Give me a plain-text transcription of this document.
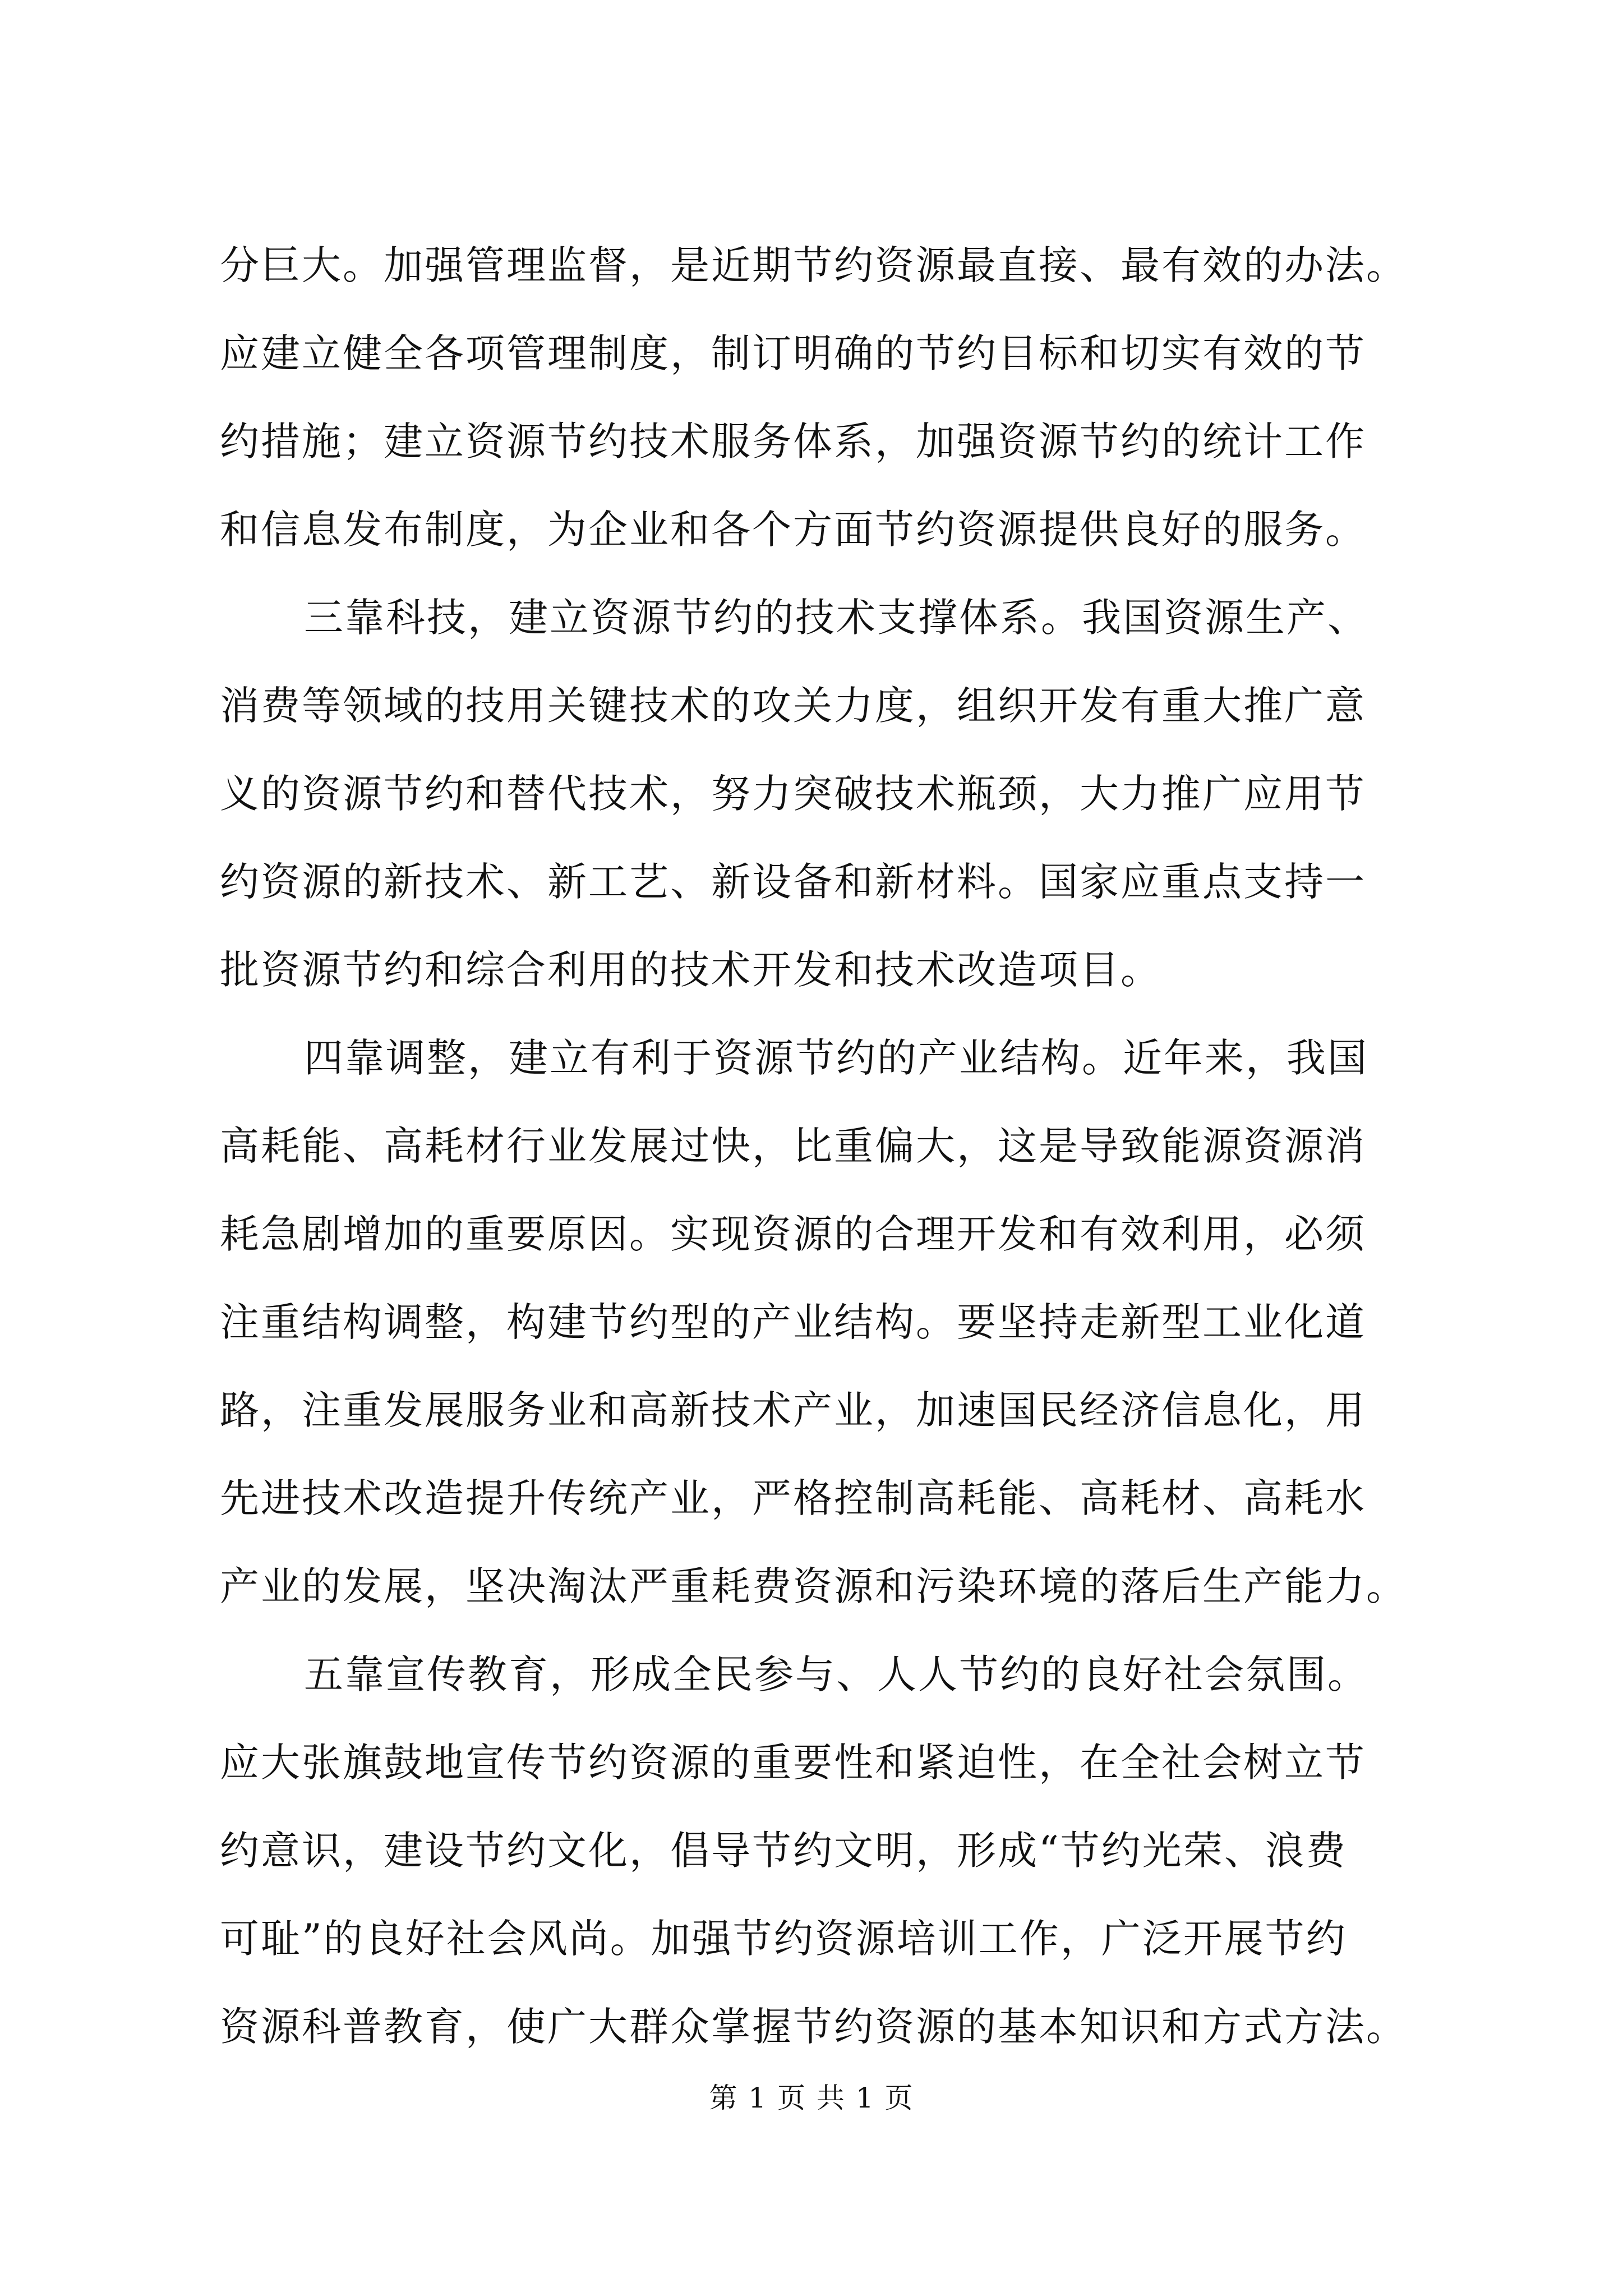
分巨大。加强管理监督，是近期节约资源最直接、最有效的办法。
应建立健全各项管理制度，制订明确的节约目标和切实有效的节
约措施；建立资源节约技术服务体系，加强资源节约的统计工作
和信息发布制度，为企业和各个方面节约资源提供良好的服务。
三靠科技，建立资源节约的技术支撑体系。我国资源生产、
消费等领域的技用关键技术的攻关力度，组织开发有重大推广意
义的资源节约和替代技术，努力突破技术瓶颈，大力推广应用节
约资源的新技术、新工艺、新设备和新材料。国家应重点支持一
批资源节约和综合利用的技术开发和技术改造项目。
四靠调整，建立有利于资源节约的产业结构。近年来，我国
高耗能、高耗材行业发展过快，比重偏大，这是导致能源资源消
耗急剧增加的重要原因。实现资源的合理开发和有效利用，必须
注重结构调整，构建节约型的产业结构。要坚持走新型工业化道
路，注重发展服务业和高新技术产业，加速国民经济信息化，用
先进技术改造提升传统产业，严格控制高耗能、高耗材、高耗水
产业的发展，坚决淘汰严重耗费资源和污染环境的落后生产能力。
五靠宣传教育，形成全民参与、人人节约的良好社会氛围。
应大张旗鼓地宣传节约资源的重要性和紧迫性，在全社会树立节
约意识，建设节约文化，倡导节约文明，形成“节约光荣、浪费
可耻”的良好社会风尚。加强节约资源培训工作，广泛开展节约
资源科普教育，使广大群众掌握节约资源的基本知识和方式方法。
第 1 页 共 1 页
